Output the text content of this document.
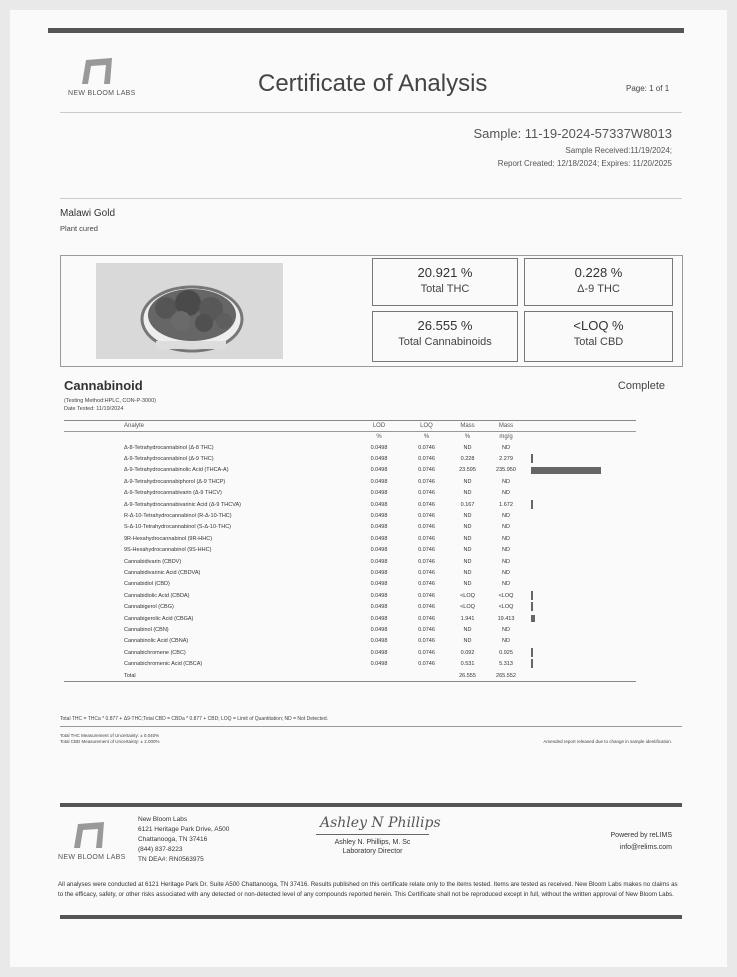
NEW BLOOM LABS	Certificate of Analysis	Page: 1 of 1
Sample: 11-19-2024-57337W8013
Sample Received:11/19/2024;
Report Created: 12/18/2024; Expires: 11/20/2025
Malawi Gold
Plant cured
20.921 %
Total THC
0.228 %
Δ-9 THC
26.555 %
Total Cannabinoids
<LOQ %
Total CBD
Cannabinoid	Complete
(Testing Method:HPLC, CON-P-3000)
Date Tested: 11/19/2024
Analyte	LOD	LOQ	Mass	Mass	
	%	%	%	mg/g	
Δ-8-Tetrahydrocannabinol (Δ-8 THC)	0.0498	0.0746	ND	ND	
Δ-9-Tetrahydrocannabinol (Δ-9 THC)	0.0498	0.0746	0.228	2.279	

Δ-9-Tetrahydrocannabinolic Acid (THCA-A)	0.0498	0.0746	23.595	235.950	

Δ-9-Tetrahydrocannabiphorol (Δ-9 THCP)	0.0498	0.0746	ND	ND	
Δ-9-Tetrahydrocannabivarin (Δ-9 THCV)	0.0498	0.0746	ND	ND	
Δ-9-Tetrahydrocannabivarinic Acid (Δ-9 THCVA)	0.0498	0.0746	0.167	1.672	

R-Δ-10-Tetrahydrocannabinol (R-Δ-10-THC)	0.0498	0.0746	ND	ND	
S-Δ-10-Tetrahydrocannabinol (S-Δ-10-THC)	0.0498	0.0746	ND	ND	
9R-Hexahydrocannabinol (9R-HHC)	0.0498	0.0746	ND	ND	
9S-Hexahydrocannabinol (9S-HHC)	0.0498	0.0746	ND	ND	
Cannabidivarin (CBDV)	0.0498	0.0746	ND	ND	
Cannabidivarinic Acid (CBDVA)	0.0498	0.0746	ND	ND	
Cannabidiol (CBD)	0.0498	0.0746	ND	ND	
Cannabidiolic Acid (CBDA)	0.0498	0.0746	<LOQ	<LOQ	

Cannabigerol (CBG)	0.0498	0.0746	<LOQ	<LOQ	

Cannabigerolic Acid (CBGA)	0.0498	0.0746	1.941	19.413	

Cannabinol (CBN)	0.0498	0.0746	ND	ND	
Cannabinolic Acid (CBNA)	0.0498	0.0746	ND	ND	
Cannabichromene (CBC)	0.0498	0.0746	0.092	0.925	

Cannabichromenic Acid (CBCA)	0.0498	0.0746	0.531	5.313	

Total			26.555	265.552	
Total THC = THCa * 0.877 + Δ9-THC;Total CBD = CBDa * 0.877 + CBD; LOQ = Limit of Quantitation; ND = Not Detected.
Total THC Measurement of Uncertainty: ± 0.040%
Total CBD Measurement of Uncertainty: ± 2.000%	Amended report released due to change in sample identification.
NEW BLOOM LABS
New Bloom Labs
6121 Heritage Park Drive, A500
Chattanooga, TN 37416
(844) 837-8223
TN DEA#: RN0563975
Ashley N Phillips
Ashley N. Phillips, M. Sc
Laboratory Director
Powered by reLIMS
info@relims.com
All analyses were conducted at 6121 Heritage Park Dr. Suite A500 Chattanooga, TN 37416. Results published on this certificate relate only to the items tested. Items are tested as received. New Bloom Labs makes no claims as to the efficacy, safety, or other risks associated with any detected or non-detected level of any compounds reported herein. This Certificate shall not be reproduced except in full, without the written approval of New Bloom Labs.
